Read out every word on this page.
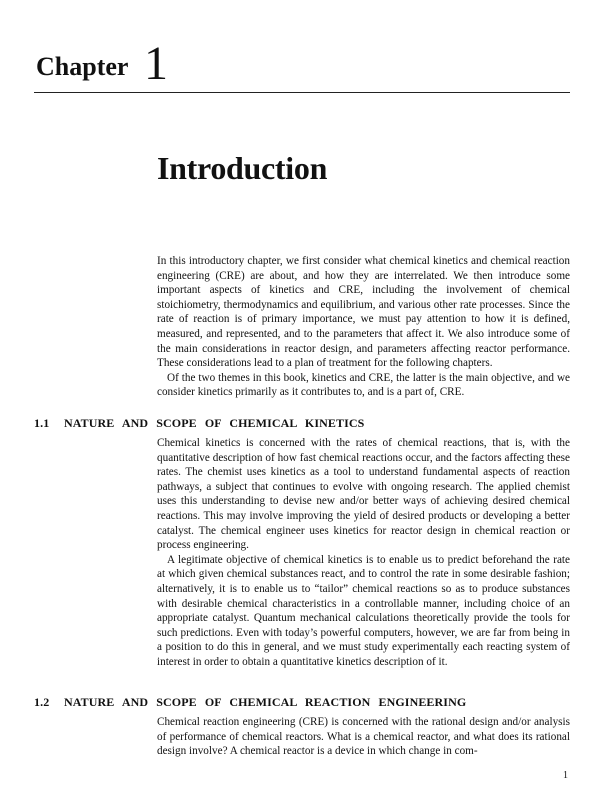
Chapter 1
Introduction

In this introductory chapter, we first consider what chemical kinetics and chemical reaction engineering (CRE) are about, and how they are interrelated. We then introduce some important aspects of kinetics and CRE, including the involvement of chemical stoichiometry, thermodynamics and equilibrium, and various other rate processes. Since the rate of reaction is of primary importance, we must pay attention to how it is defined, measured, and represented, and to the parameters that affect it. We also introduce some of the main considerations in reactor design, and parameters affecting reactor performance. These considerations lead to a plan of treatment for the following chapters.

Of the two themes in this book, kinetics and CRE, the latter is the main objective, and we consider kinetics primarily as it contributes to, and is a part of, CRE.

1.1 NATURE AND SCOPE OF CHEMICAL KINETICS

Chemical kinetics is concerned with the rates of chemical reactions, that is, with the quantitative description of how fast chemical reactions occur, and the factors affecting these rates. The chemist uses kinetics as a tool to understand fundamental aspects of reaction pathways, a subject that continues to evolve with ongoing research. The applied chemist uses this understanding to devise new and/or better ways of achieving desired chemical reactions. This may involve improving the yield of desired products or developing a better catalyst. The chemical engineer uses kinetics for reactor design in chemical reaction or process engineering.

A legitimate objective of chemical kinetics is to enable us to predict beforehand the rate at which given chemical substances react, and to control the rate in some desirable fashion; alternatively, it is to enable us to “tailor” chemical reactions so as to produce substances with desirable chemical characteristics in a controllable manner, including choice of an appropriate catalyst. Quantum mechanical calculations theoretically provide the tools for such predictions. Even with today’s powerful computers, however, we are far from being in a position to do this in general, and we must study experimentally each reacting system of interest in order to obtain a quantitative kinetics description of it.

1.2 NATURE AND SCOPE OF CHEMICAL REACTION ENGINEERING

Chemical reaction engineering (CRE) is concerned with the rational design and/or analysis of performance of chemical reactors. What is a chemical reactor, and what does its rational design involve? A chemical reactor is a device in which change in com-

1
